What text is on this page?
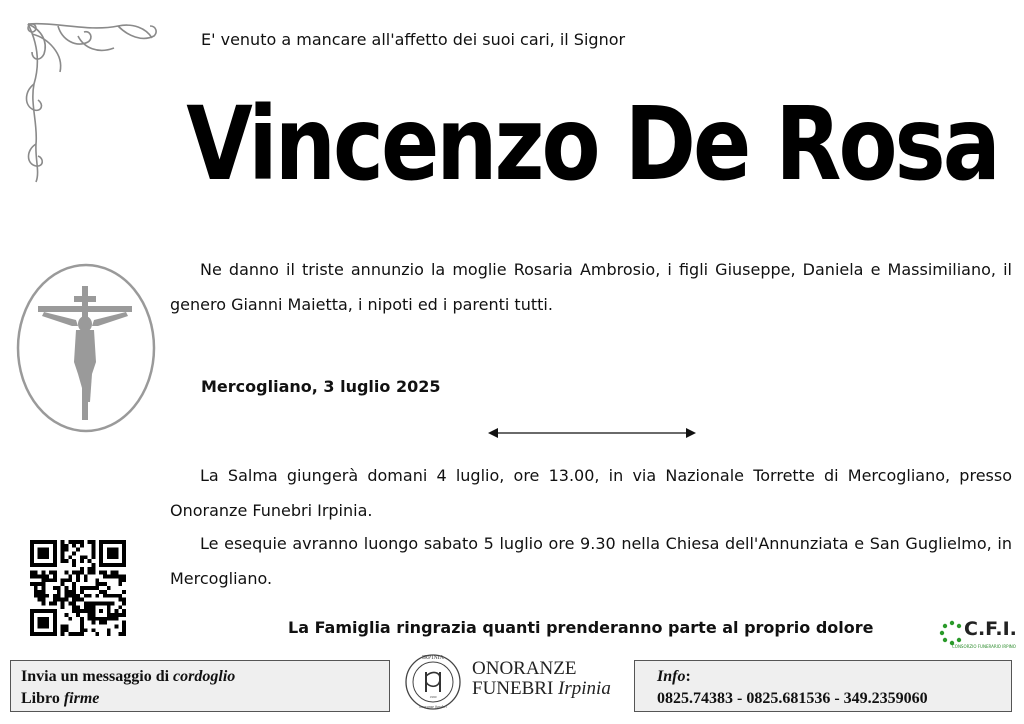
E' venuto a mancare all'affetto dei suoi cari, il Signor
Vincenzo De Rosa
Ne danno il triste annunzio la moglie Rosaria Ambrosio, i figli Giuseppe, Daniela e Massimiliano, il genero Gianni Maietta, i nipoti ed i parenti tutti.
Mercogliano, 3 luglio 2025
La Salma giungerà domani 4 luglio, ore 13.00, in via Nazionale Torrette di Mercogliano, presso Onoranze Funebri Irpinia.
Le esequie avranno luongo sabato 5 luglio ore 9.30 nella Chiesa dell'Annunziata e San Guglielmo, in Mercogliano.
La Famiglia ringrazia quanti prenderanno parte al proprio dolore	C.F.I.
CONSORZIO FUNERARIO IRPINO
Invia un messaggio di cordoglio
Libro firme
IRPINIA
1990
onoranze funebri
ONORANZE
FUNEBRI Irpinia
Info:
0825.74383 - 0825.681536 - 349.2359060
